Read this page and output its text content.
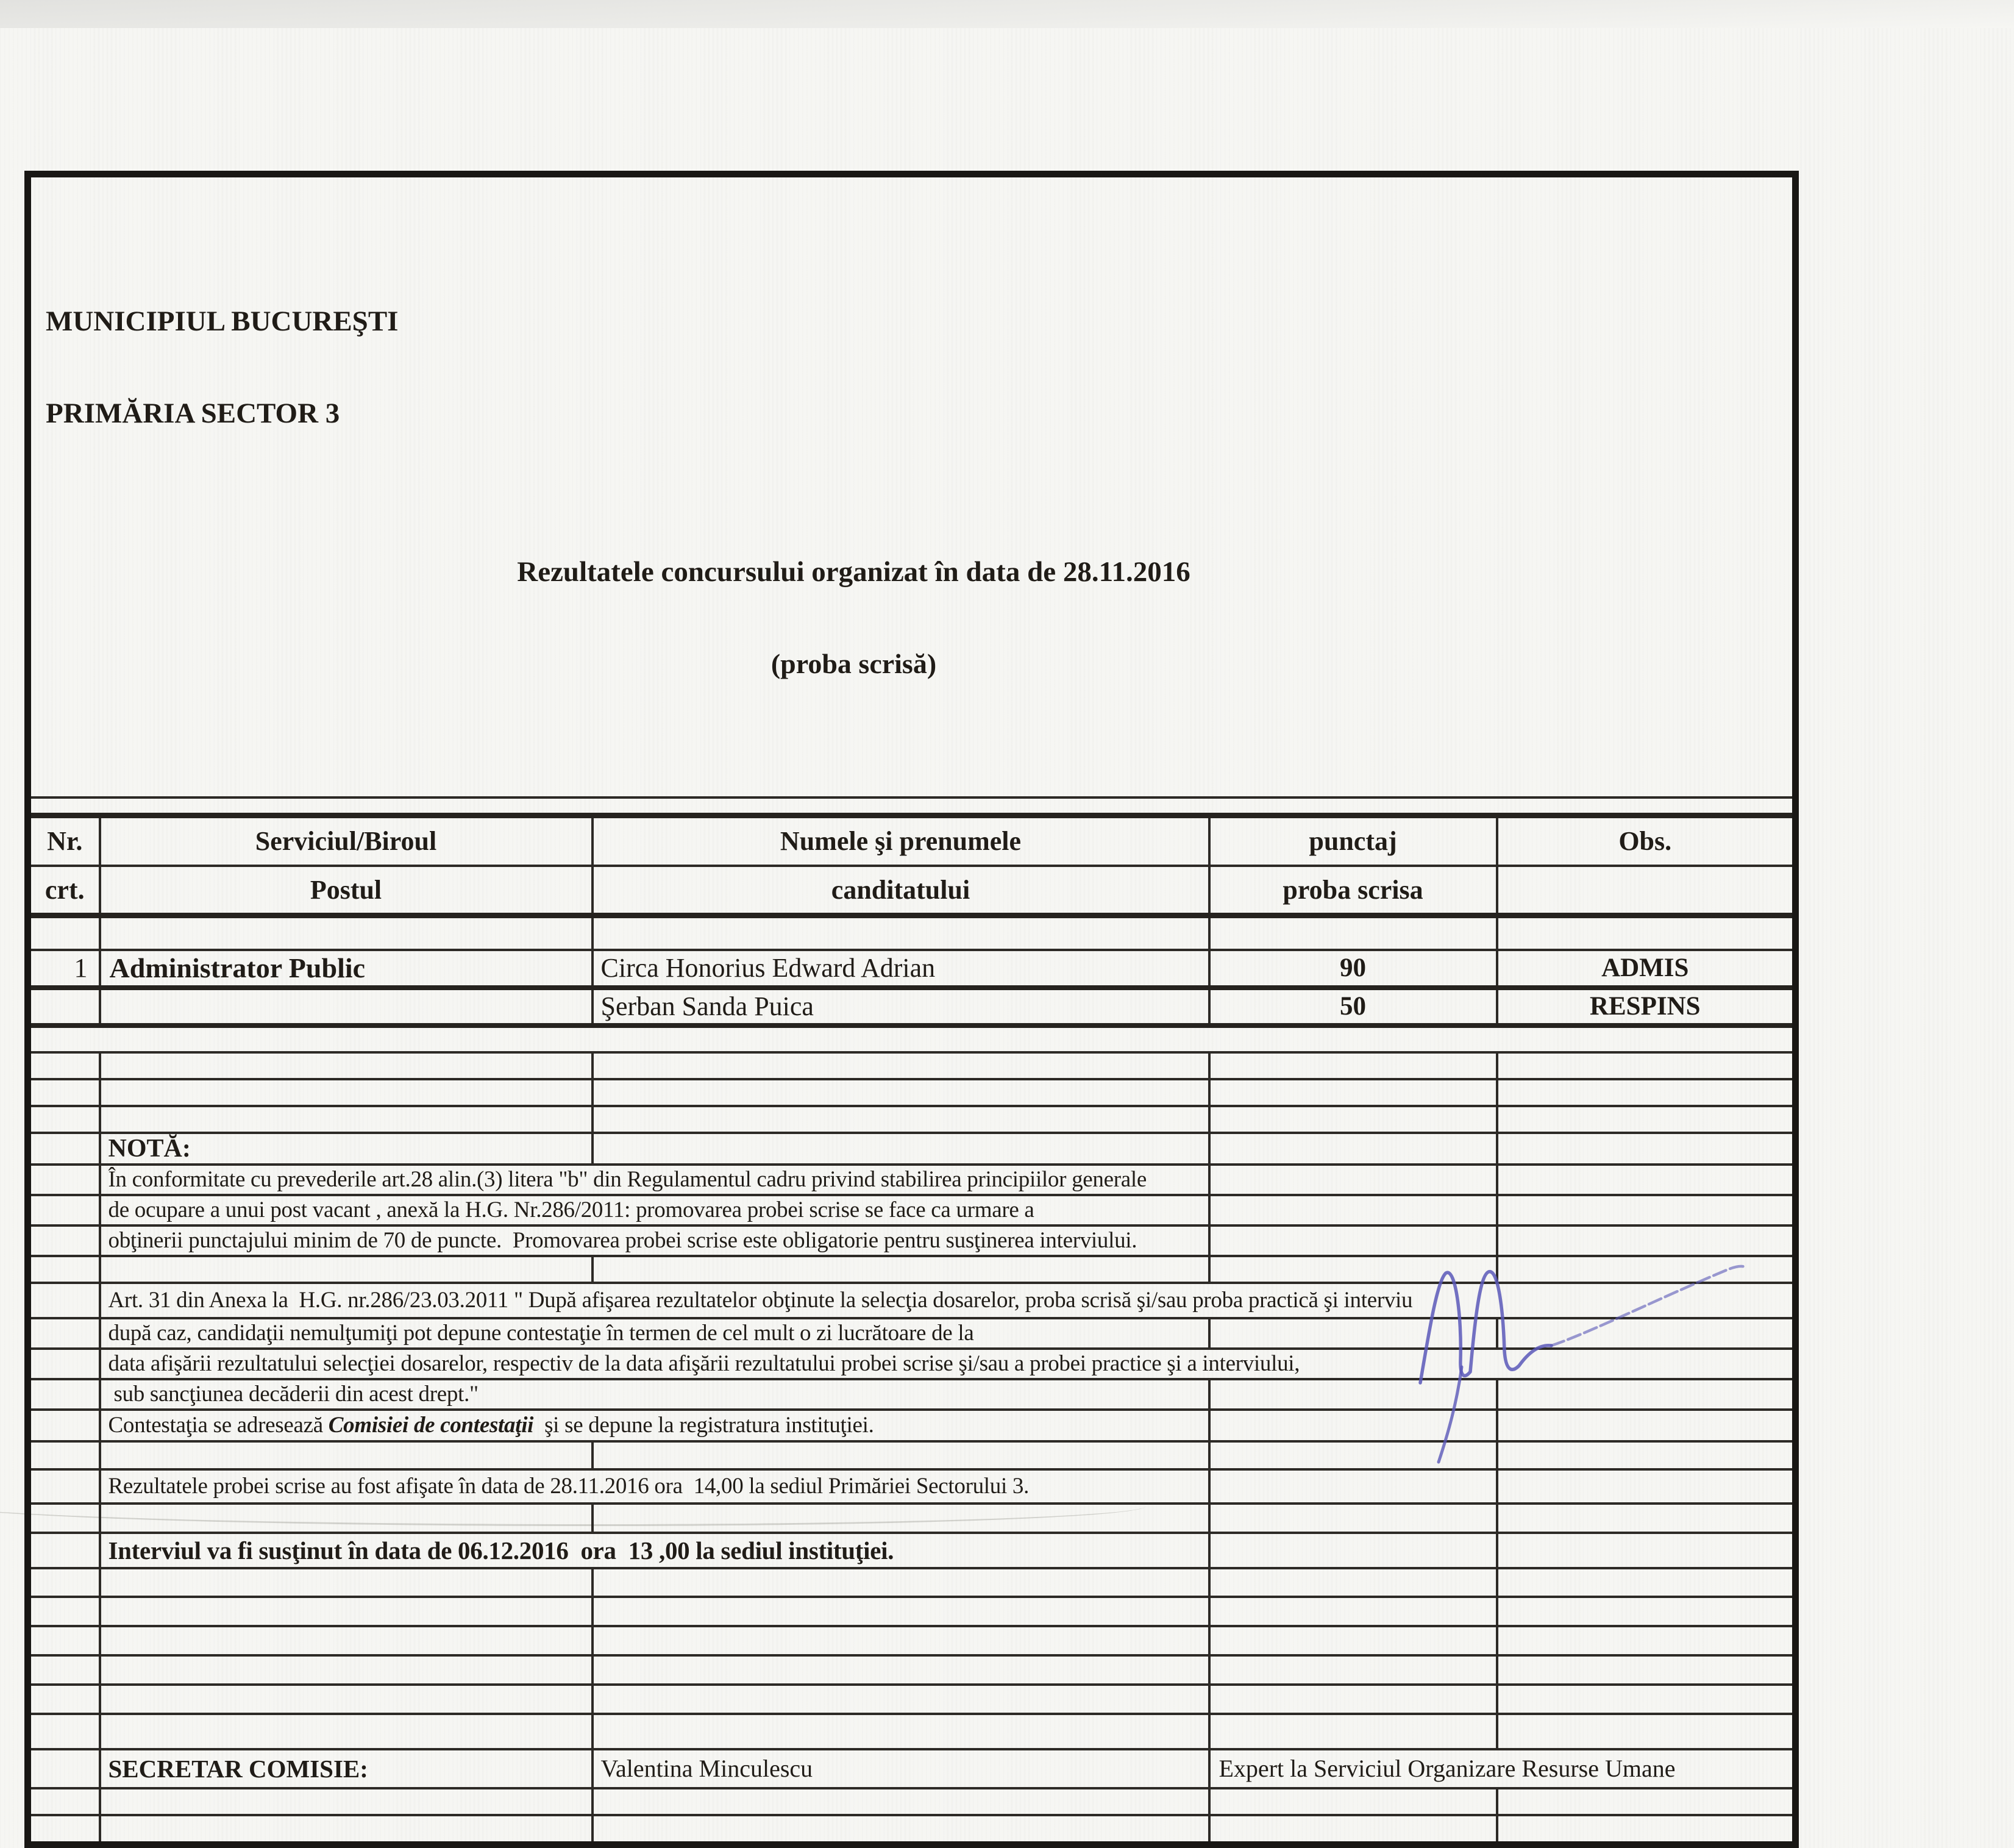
MUNICIPIUL BUCUREŞTI

PRIMĂRIA SECTOR 3

Rezultatele concursului organizat în data de 28.11.2016

(proba scrisă)				

Nr.	Serviciul/Biroul	Numele şi prenumele	punctaj	Obs.
crt.	Postul	canditatului	proba scrisa	

1	Administrator Public	Circa Honorius Edward Adrian	90	ADMIS
		Şerban Sanda Puica	50	RESPINS

	NOTĂ:			
	În conformitate cu prevederile art.28 alin.(3) litera "b" din Regulamentul cadru privind stabilirea principiilor generale			
	de ocupare a unui post vacant , anexă la H.G. Nr.286/2011: promovarea probei scrise se face ca urmare a			
	obţinerii punctajului minim de 70 de puncte.  Promovarea probei scrise este obligatorie pentru susţinerea interviului.			

	Art. 31 din Anexa la  H.G. nr.286/23.03.2011 " După afişarea rezultatelor obţinute la selecţia dosarelor, proba scrisă şi/sau proba practică şi interviu			
	după caz, candidaţii nemulţumiţi pot depune contestaţie în termen de cel mult o zi lucrătoare de la			
	data afişării rezultatului selecţiei dosarelor, respectiv de la data afişării rezultatului probei scrise şi/sau a probei practice şi a interviului,			
	sub sancţiunea decăderii din acest drept."			
	Contestaţia se adresează Comisiei de contestaţii  şi se depune la registratura instituţiei.			

	Rezultatele probei scrise au fost afişate în data de 28.11.2016 ora  14,00 la sediul Primăriei Sectorului 3.			

	Interviul va fi susţinut în data de 06.12.2016  ora  13 ,00 la sediul instituţiei.			

	SECRETAR COMISIE:	Valentina Minculescu	Expert la Serviciul Organizare Resurse Umane	
